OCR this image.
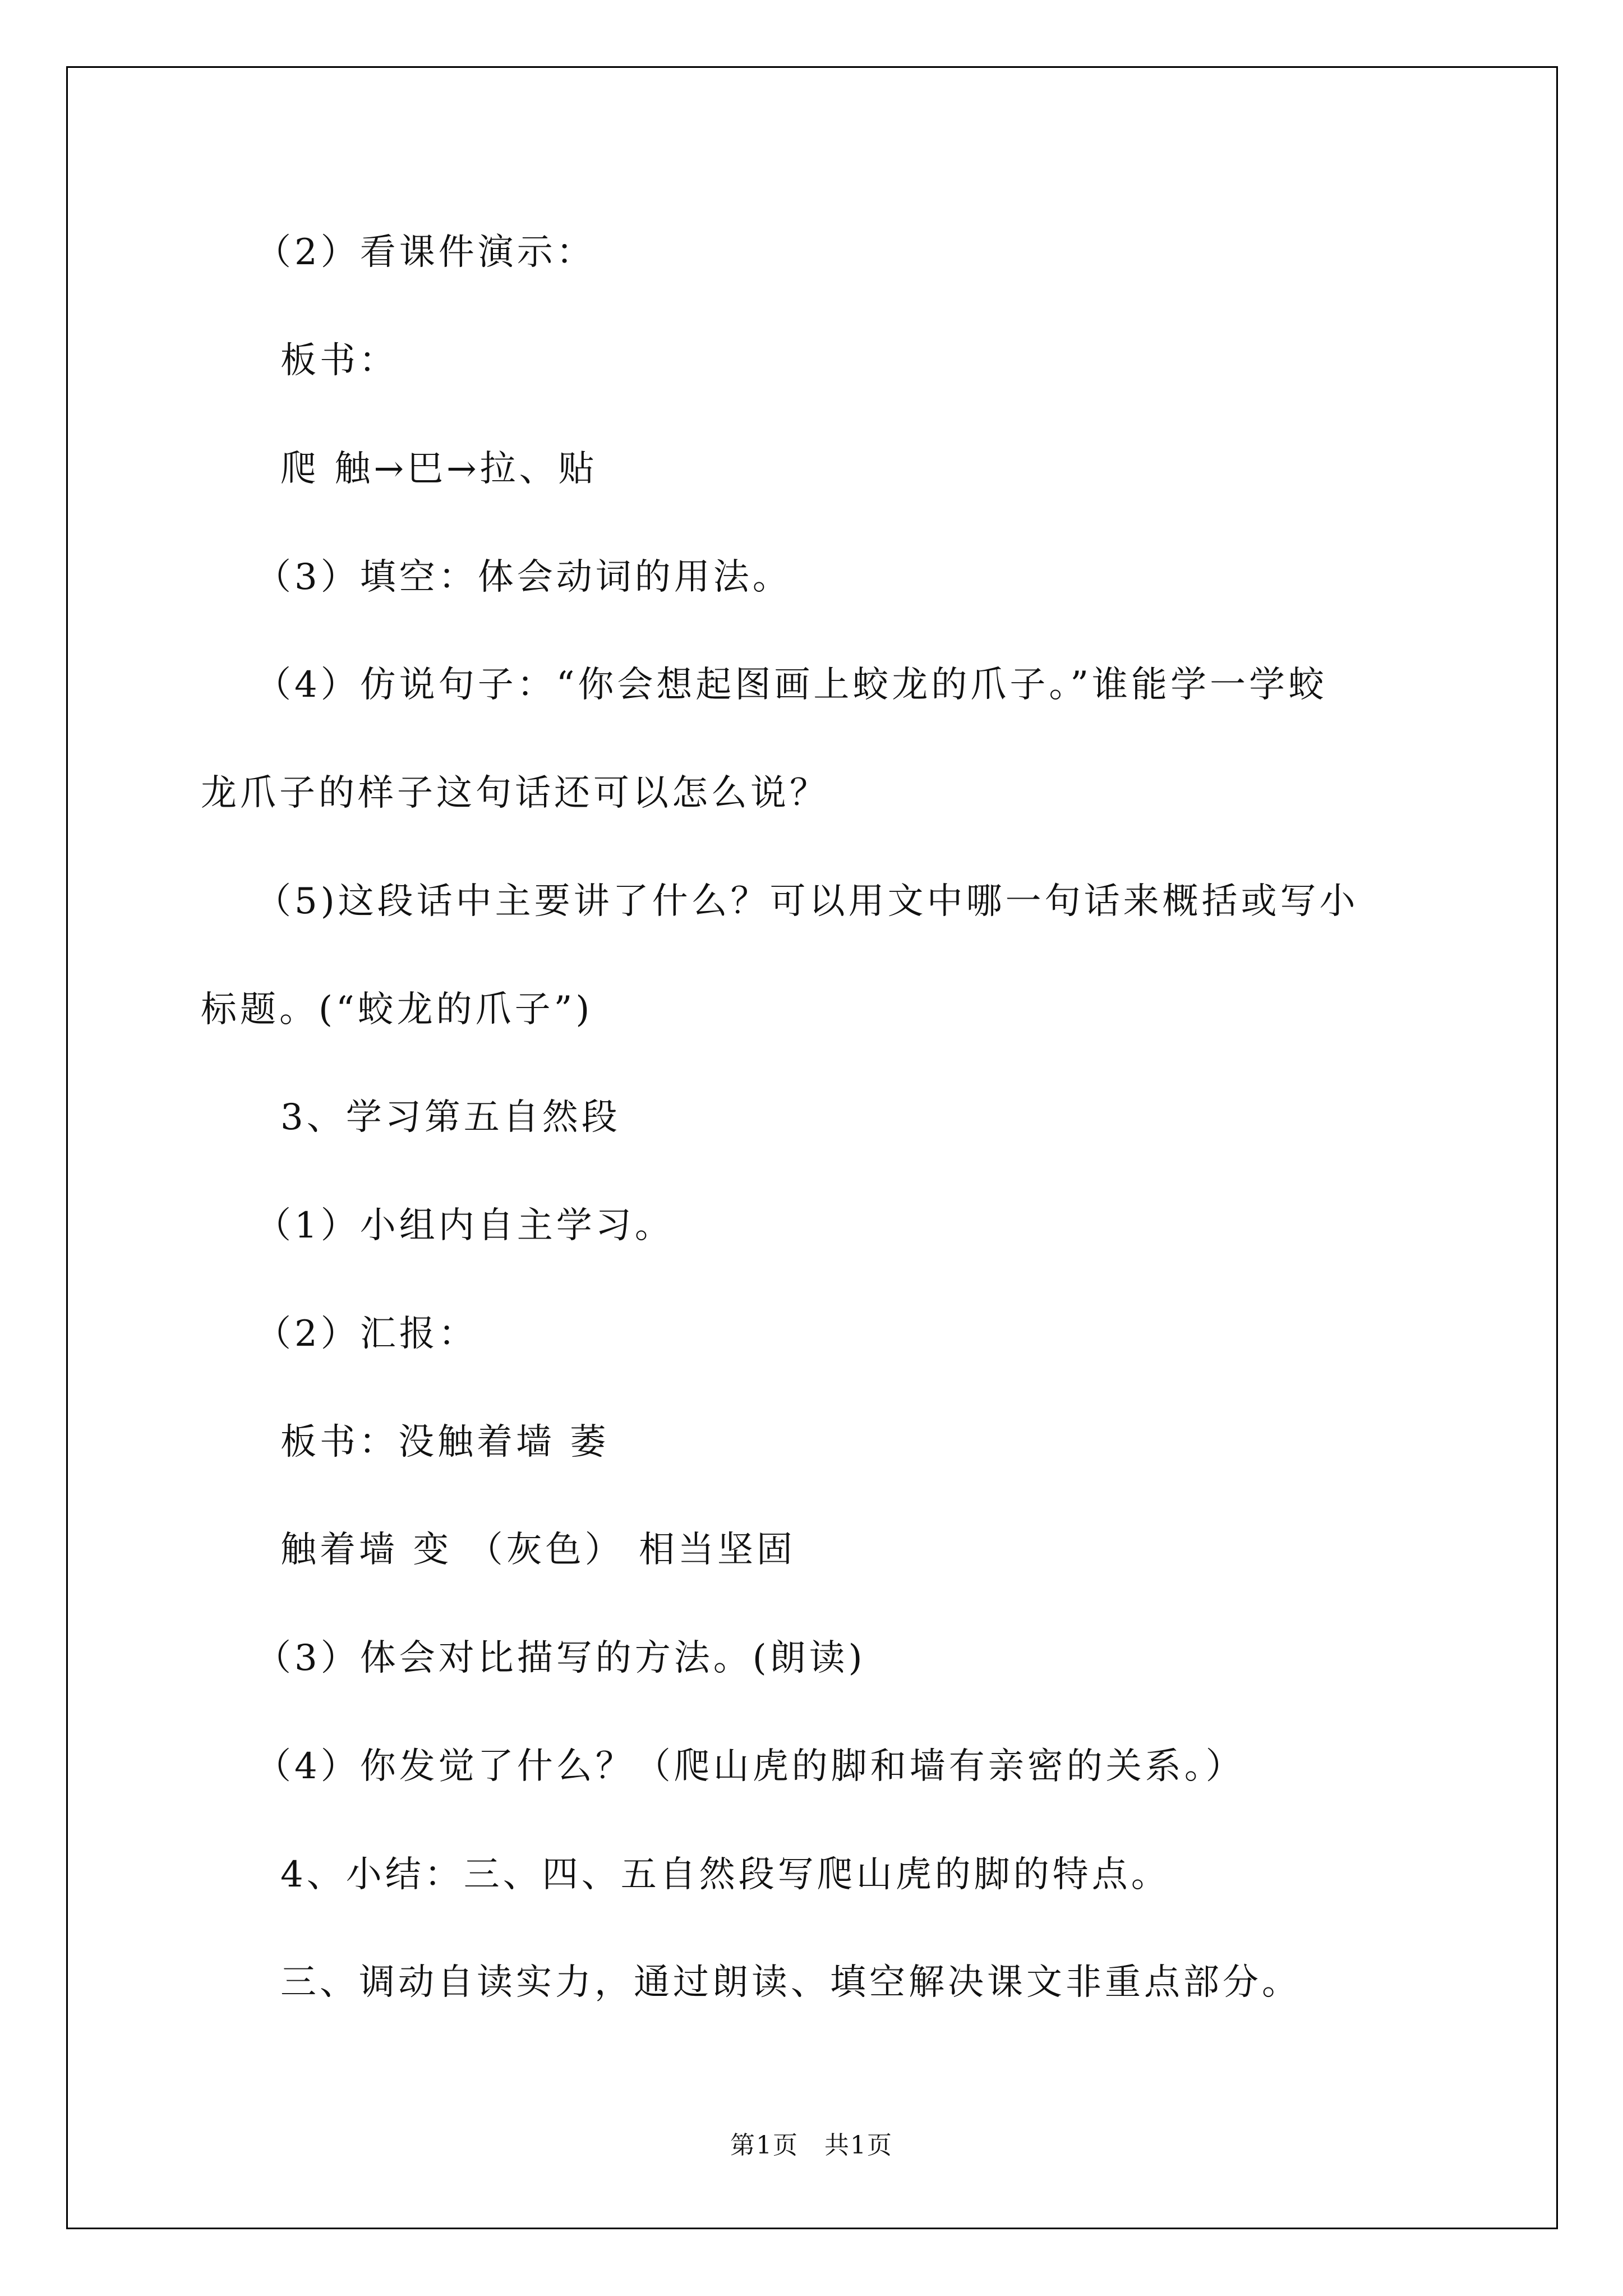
（2）看课件演示：
板书：
爬 触→巴→拉、贴
（3）填空：体会动词的用法。
（4）仿说句子：“你会想起图画上蛟龙的爪子。”谁能学一学蛟
龙爪子的样子这句话还可以怎么说？
（5)这段话中主要讲了什么？可以用文中哪一句话来概括或写小
标题。(“蛟龙的爪子”)
3、学习第五自然段
（1）小组内自主学习。
（2）汇报：
板书：没触着墙 萎
触着墙 变 （灰色） 相当坚固
（3）体会对比描写的方法。(朗读)
（4）你发觉了什么？（爬山虎的脚和墙有亲密的关系。）
4、小结：三、四、五自然段写爬山虎的脚的特点。
三、调动自读实力，通过朗读、填空解决课文非重点部分。
第1页　共1页
